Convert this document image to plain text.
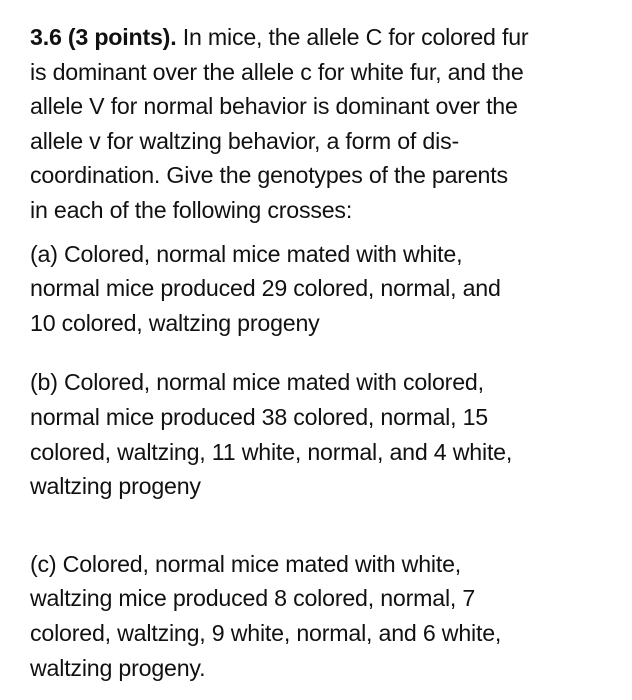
3.6 (3 points). In mice, the allele C for colored fur
is dominant over the allele c for white fur, and the
allele V for normal behavior is dominant over the
allele v for waltzing behavior, a form of dis-
coordination. Give the genotypes of the parents
in each of the following crosses:

(a) Colored, normal mice mated with white,
normal mice produced 29 colored, normal, and
10 colored, waltzing progeny

(b) Colored, normal mice mated with colored,
normal mice produced 38 colored, normal, 15
colored, waltzing, 11 white, normal, and 4 white,
waltzing progeny

(c) Colored, normal mice mated with white,
waltzing mice produced 8 colored, normal, 7
colored, waltzing, 9 white, normal, and 6 white,
waltzing progeny.
